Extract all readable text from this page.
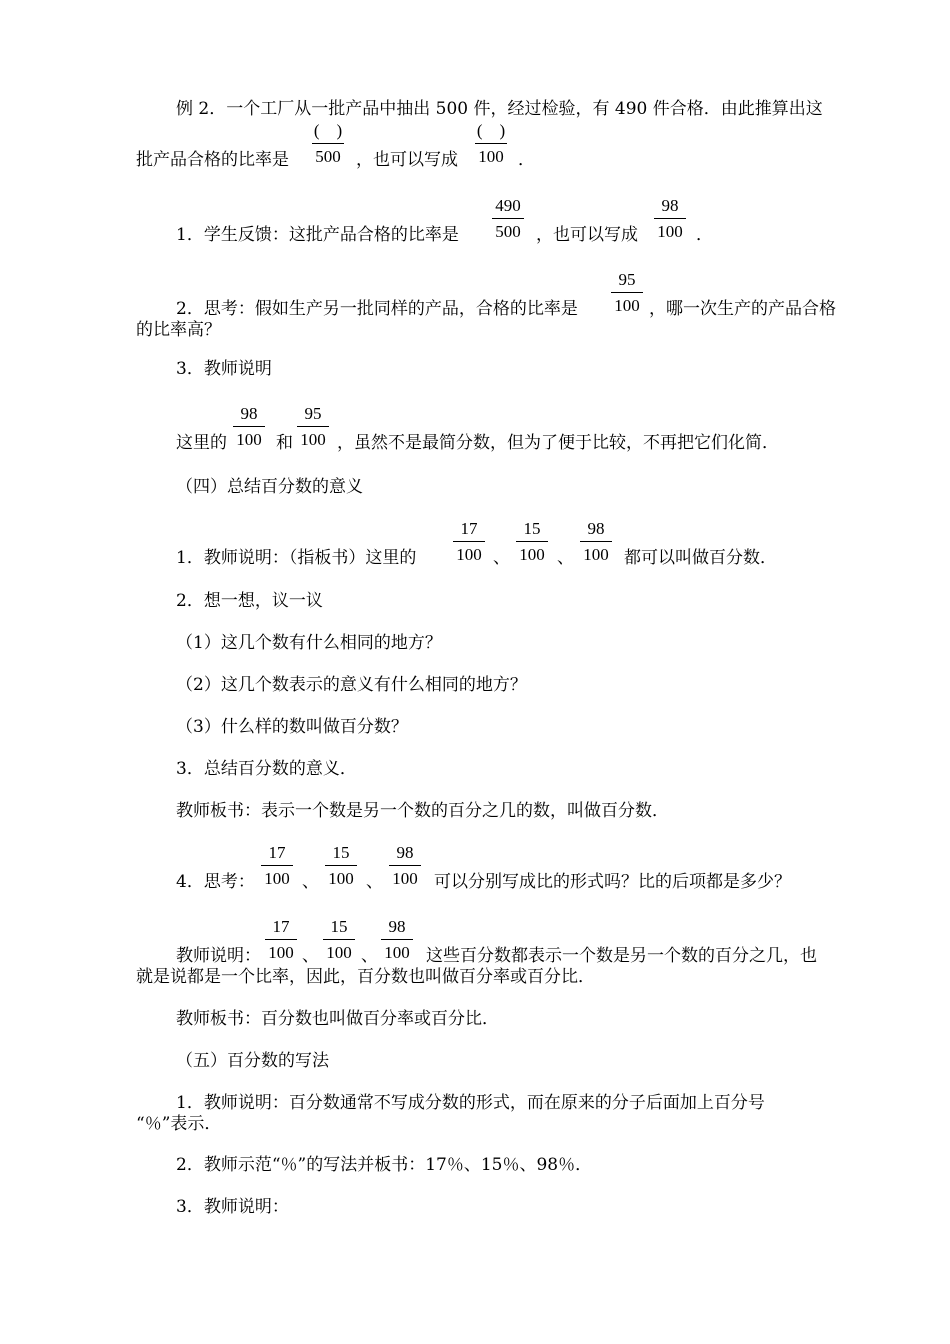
例 2．一个工厂从一批产品中抽出 500 件，经过检验，有 490 件合格．由此推算出这
批产品合格的比率是
(　)
500 ，也可以写成
(　)
100 ．
1．学生反馈：这批产品合格的比率是
490
500 ，也可以写成
98
100 ．
2．思考：假如生产另一批同样的产品，合格的比率是
95
100 ，哪一次生产的产品合格
的比率高？
3．教师说明
这里的
98
100 和
95
100 ，虽然不是最简分数，但为了便于比较，不再把它们化简．
（四）总结百分数的意义
1．教师说明：（指板书）这里的
17
100 、
15
100 、
98
100 都可以叫做百分数．
2．想一想，议一议
（1）这几个数有什么相同的地方？
（2）这几个数表示的意义有什么相同的地方？
（3）什么样的数叫做百分数？
3．总结百分数的意义．
教师板书：表示一个数是另一个数的百分之几的数，叫做百分数．
4．思考：
17
100 、
15
100 、
98
100 可以分别写成比的形式吗？比的后项都是多少？
教师说明：
17
100 、
15
100 、
98
100 这些百分数都表示一个数是另一个数的百分之几，也
就是说都是一个比率，因此，百分数也叫做百分率或百分比．
教师板书：百分数也叫做百分率或百分比．
（五）百分数的写法
1．教师说明：百分数通常不写成分数的形式，而在原来的分子后面加上百分号
“％”表示．
2．教师示范“％”的写法并板书：17％、15％、98％．
3．教师说明：
